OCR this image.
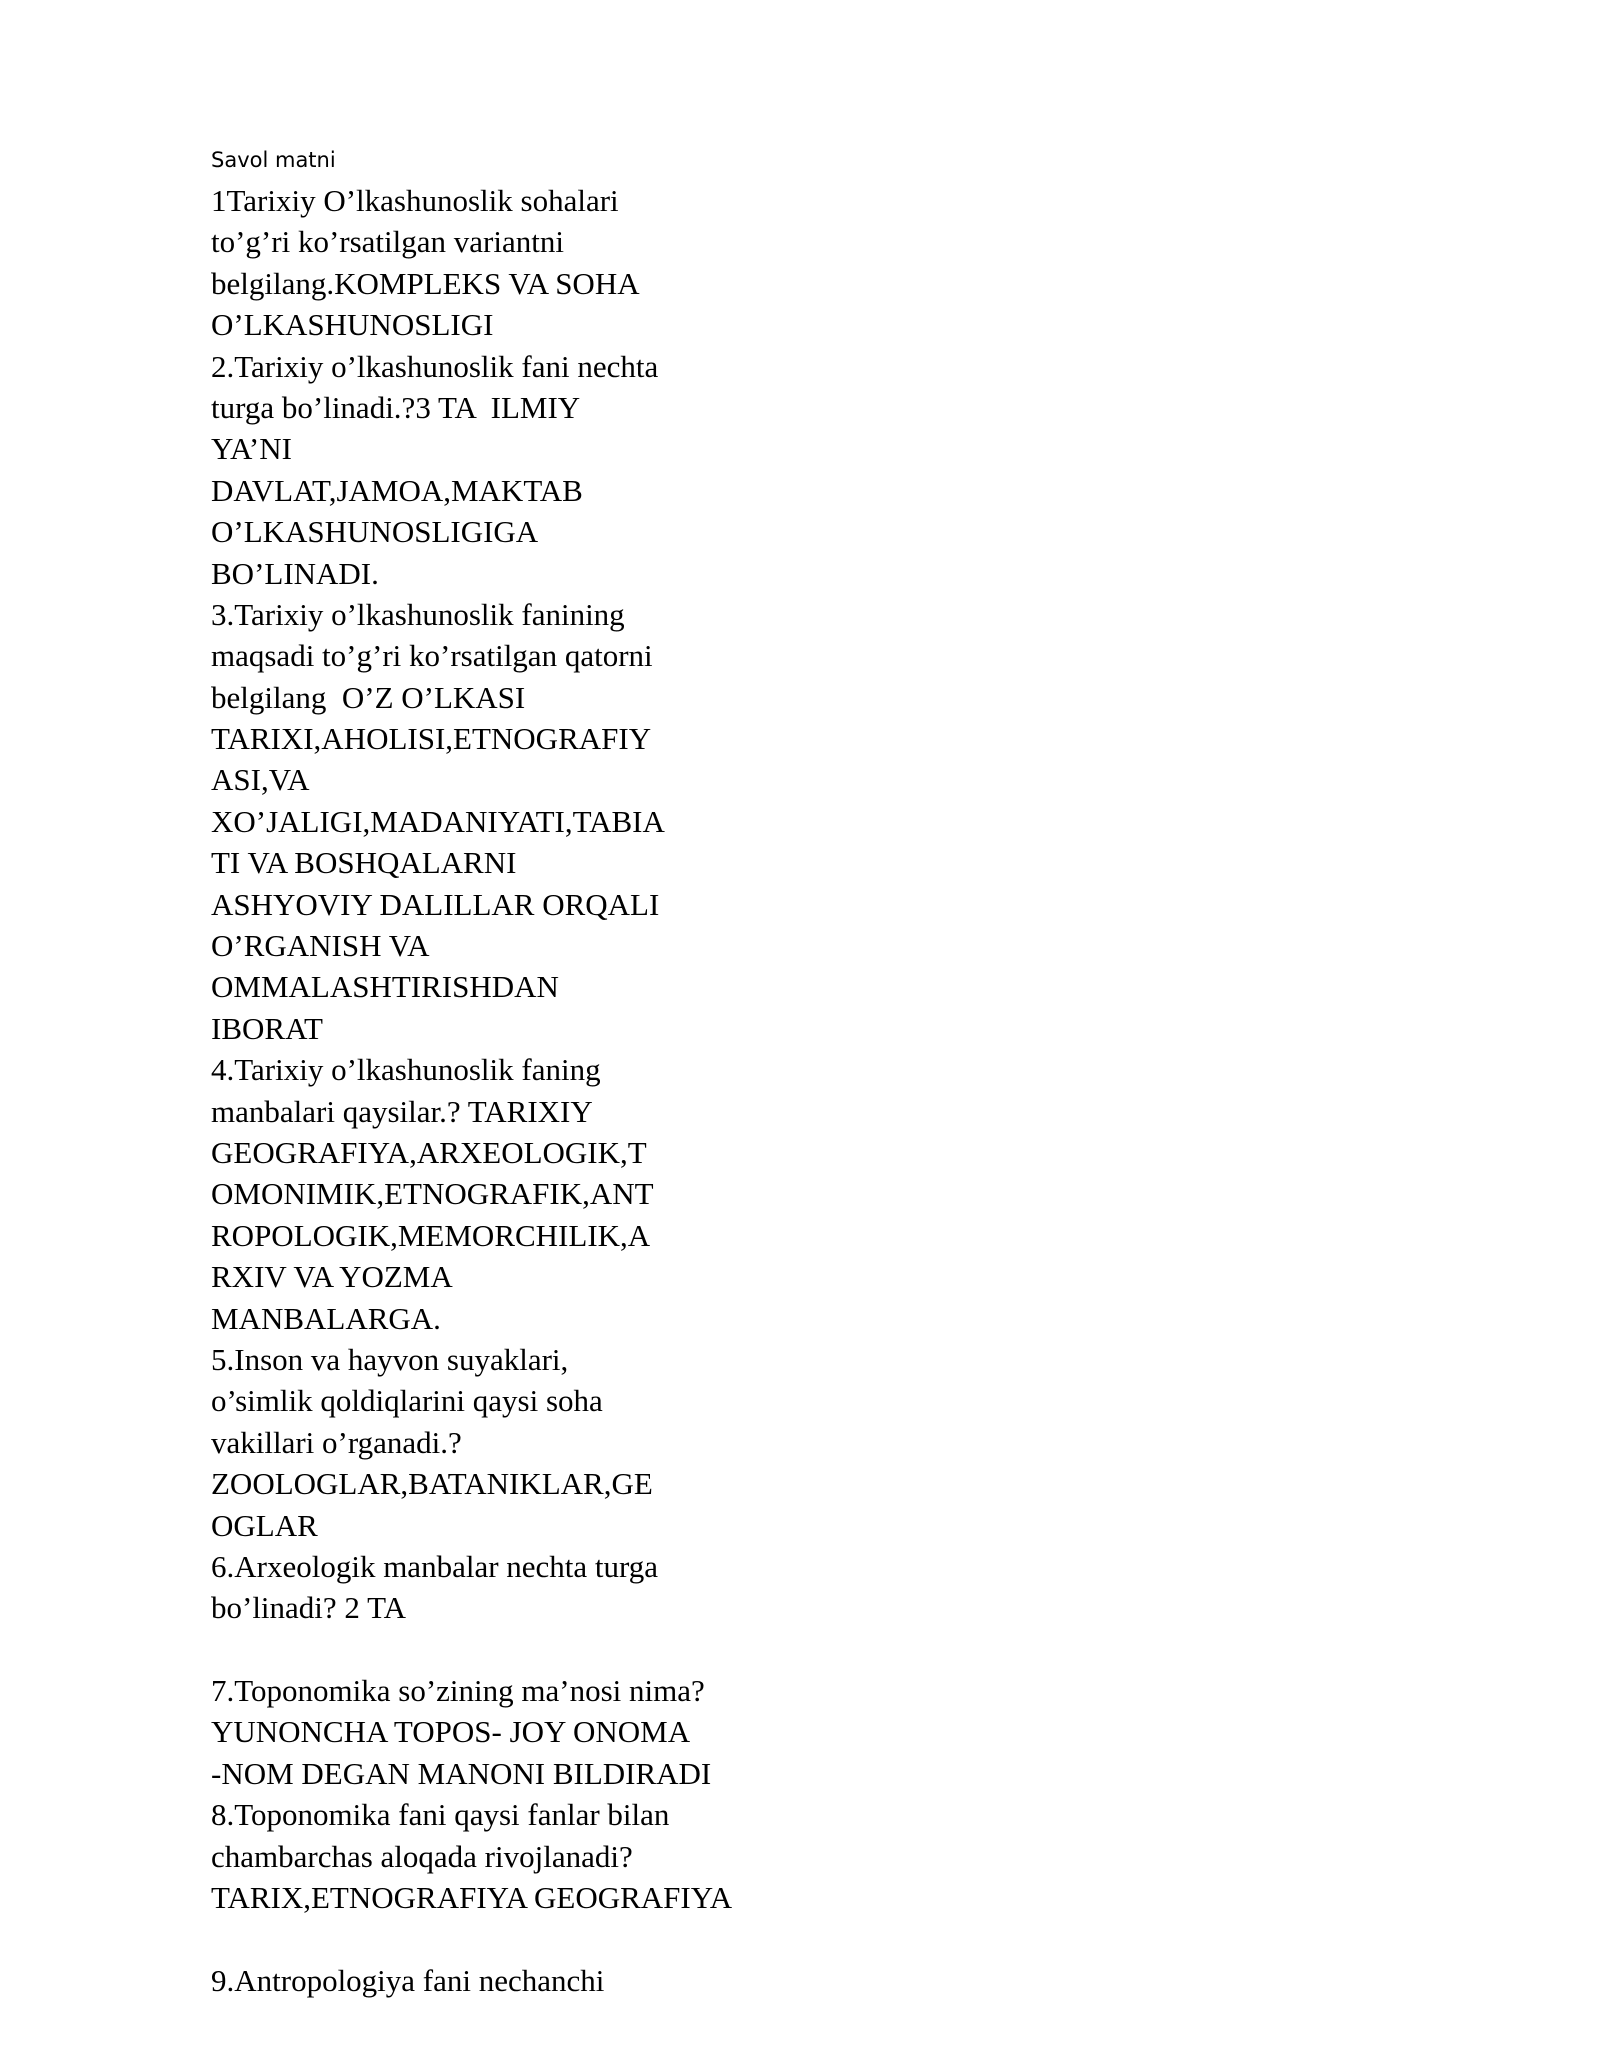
Savol matni
1Tarixiy O’lkashunoslik sohalari
to’g’ri ko’rsatilgan variantni
belgilang.KOMPLEKS VA SOHA
O’LKASHUNOSLIGI
2.Tarixiy o’lkashunoslik fani nechta
turga bo’linadi.?3 TA  ILMIY
YA’NI
DAVLAT,JAMOA,MAKTAB
O’LKASHUNOSLIGIGA
BO’LINADI.
3.Tarixiy o’lkashunoslik fanining
maqsadi to’g’ri ko’rsatilgan qatorni
belgilang  O’Z O’LKASI
TARIXI,AHOLISI,ETNOGRAFIY
ASI,VA
XO’JALIGI,MADANIYATI,TABIA
TI VA BOSHQALARNI
ASHYOVIY DALILLAR ORQALI
O’RGANISH VA
OMMALASHTIRISHDAN
IBORAT
4.Tarixiy o’lkashunoslik faning
manbalari qaysilar.? TARIXIY
GEOGRAFIYA,ARXEOLOGIK,T
OMONIMIK,ETNOGRAFIK,ANT
ROPOLOGIK,MEMORCHILIK,A
RXIV VA YOZMA
MANBALARGA.
5.Inson va hayvon suyaklari,
o’simlik qoldiqlarini qaysi soha
vakillari o’rganadi.?
ZOOLOGLAR,BATANIKLAR,GE
OGLAR
6.Arxeologik manbalar nechta turga
bo’linadi? 2 TA
7.Toponomika so’zining ma’nosi nima?
YUNONCHA TOPOS- JOY ONOMA
-NOM DEGAN MANONI BILDIRADI
8.Toponomika fani qaysi fanlar bilan
chambarchas aloqada rivojlanadi?
TARIX,ETNOGRAFIYA GEOGRAFIYA
9.Antropologiya fani nechanchi
